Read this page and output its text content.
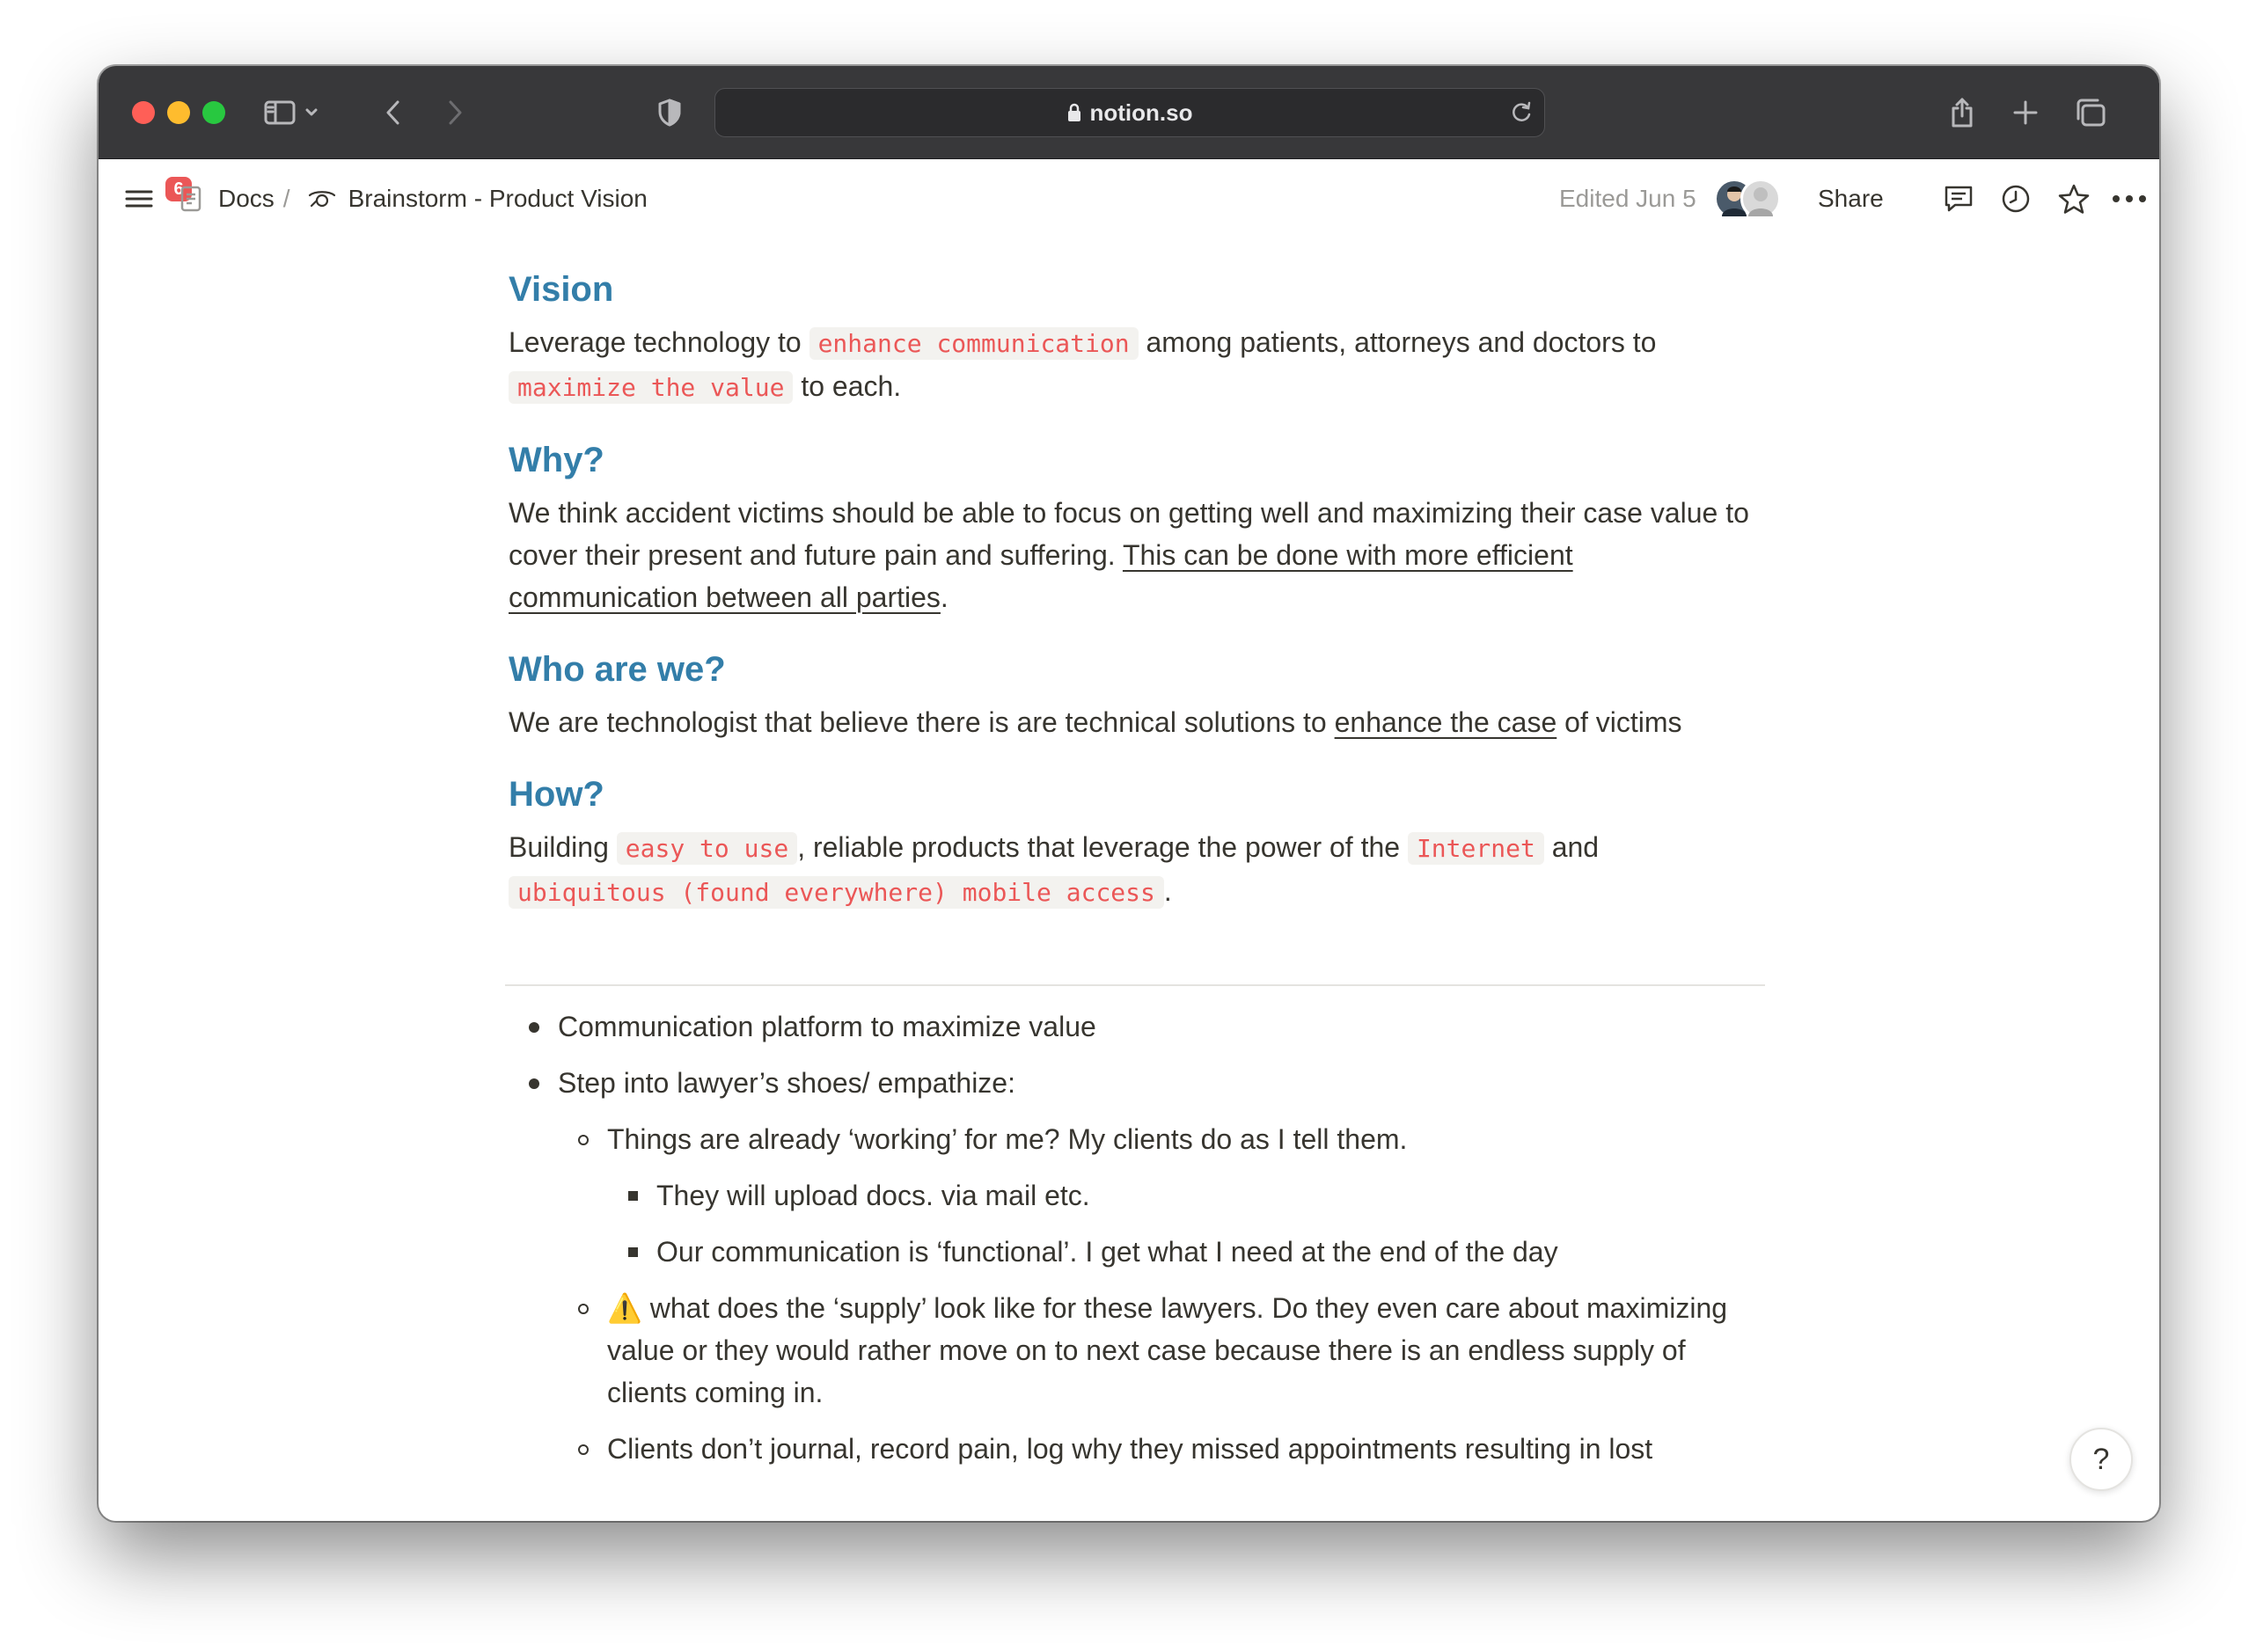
notion.so
6	Docs / Brainstorm - Product Vision	Edited Jun 5	Share
Vision

Leverage technology to enhance communication among patients, attorneys and doctors to maximize the value to each.

Why?

We think accident victims should be able to focus on getting well and maximizing their case value to cover their present and future pain and suffering. This can be done with more efficient communication between all parties.

Who are we?

We are technologist that believe there is are technical solutions to enhance the case of victims

How?

Building easy to use , reliable products that leverage the power of the Internet and ubiquitous (found everywhere) mobile access .

Communication platform to maximize value
Step into lawyer’s shoes/ empathize:
Things are already ‘working’ for me? My clients do as I tell them.
They will upload docs. via mail etc.
Our communication is ‘functional’. I get what I need at the end of the day
⚠️ what does the ‘supply’ look like for these lawyers. Do they even care about maximizing value or they would rather move on to next case because there is an endless supply of clients coming in.
Clients don’t journal, record pain, log why they missed appointments resulting in lost	?
